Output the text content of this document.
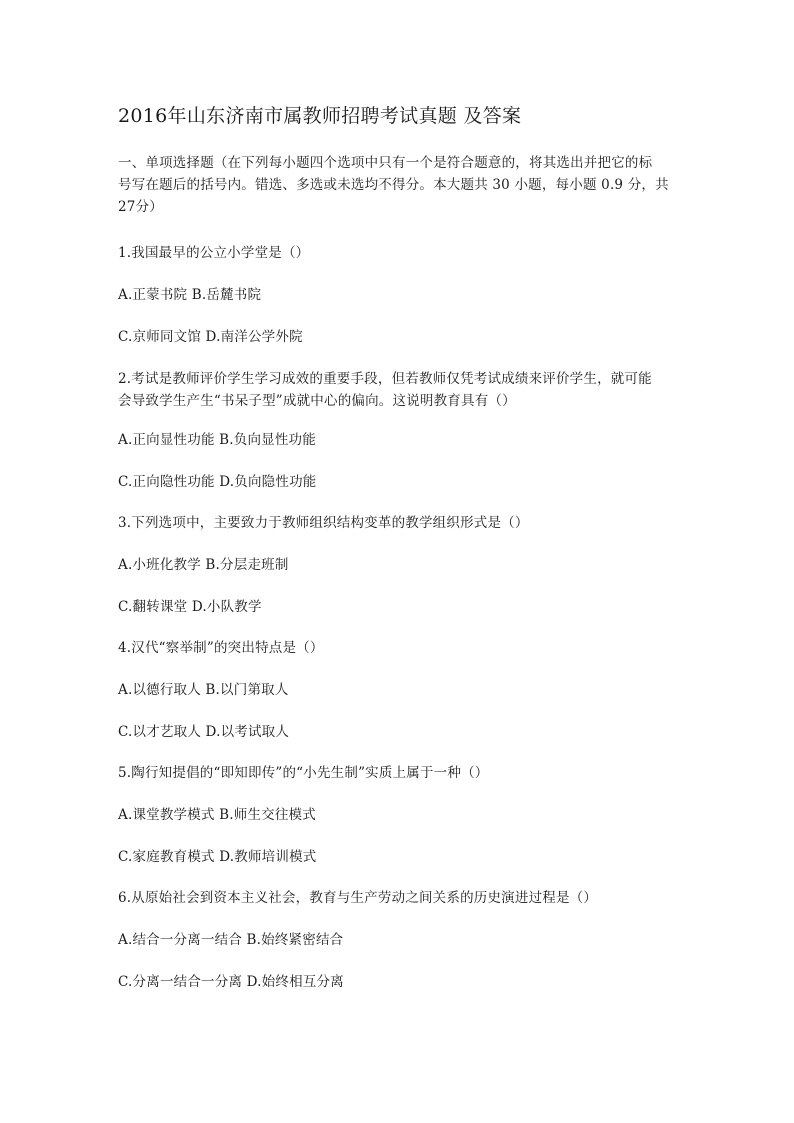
2016年山东济南市属教师招聘考试真题 及答案
一、单项选择题（在下列每小题四个选项中只有一个是符合题意的，将其选出并把它的标
号写在题后的括号内。错选、多选或未选均不得分。本大题共 30 小题，每小题 0.9 分，共
27分）
1.我国最早的公立小学堂是（）
A.正蒙书院 B.岳麓书院
C.京师同文馆 D.南洋公学外院
2.考试是教师评价学生学习成效的重要手段，但若教师仅凭考试成绩来评价学生，就可能
会导致学生产生“书呆子型”成就中心的偏向。这说明教育具有（）
A.正向显性功能 B.负向显性功能
C.正向隐性功能 D.负向隐性功能
3.下列选项中，主要致力于教师组织结构变革的教学组织形式是（）
A.小班化教学 B.分层走班制
C.翻转课堂 D.小队教学
4.汉代“察举制”的突出特点是（）
A.以德行取人 B.以门第取人
C.以才艺取人 D.以考试取人
5.陶行知提倡的“即知即传”的“小先生制”实质上属于一种（）
A.课堂教学模式 B.师生交往模式
C.家庭教育模式 D.教师培训模式
6.从原始社会到资本主义社会，教育与生产劳动之间关系的历史演进过程是（）
A.结合一分离一结合 B.始终紧密结合
C.分离一结合一分离 D.始终相互分离
